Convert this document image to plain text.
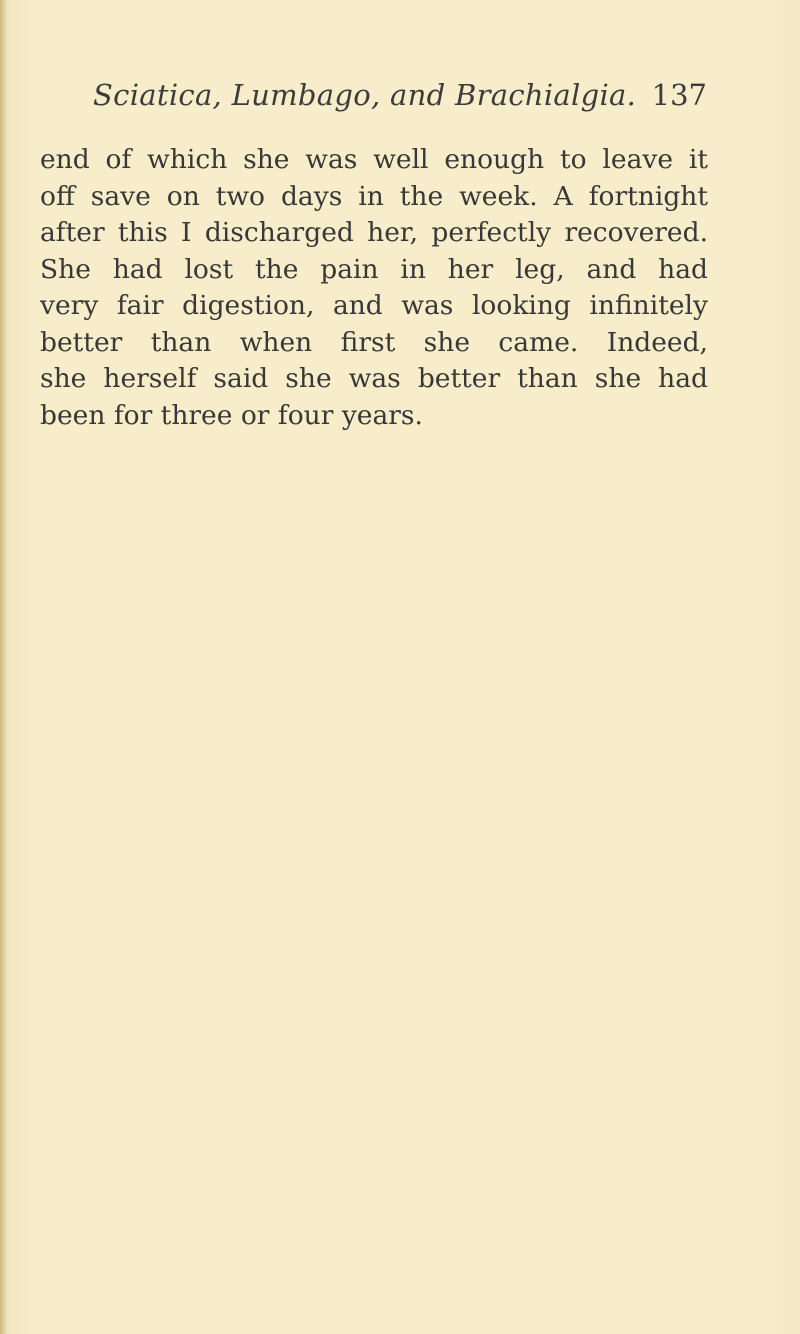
Sciatica, Lumbago, and Brachialgia. 137
end of which she was well enough to leave it
off save on two days in the week. A fortnight
after this I discharged her, perfectly recovered.
She had lost the pain in her leg, and had
very fair digestion, and was looking infinitely
better than when first she came. Indeed,
she herself said she was better than she had
been for three or four years.
